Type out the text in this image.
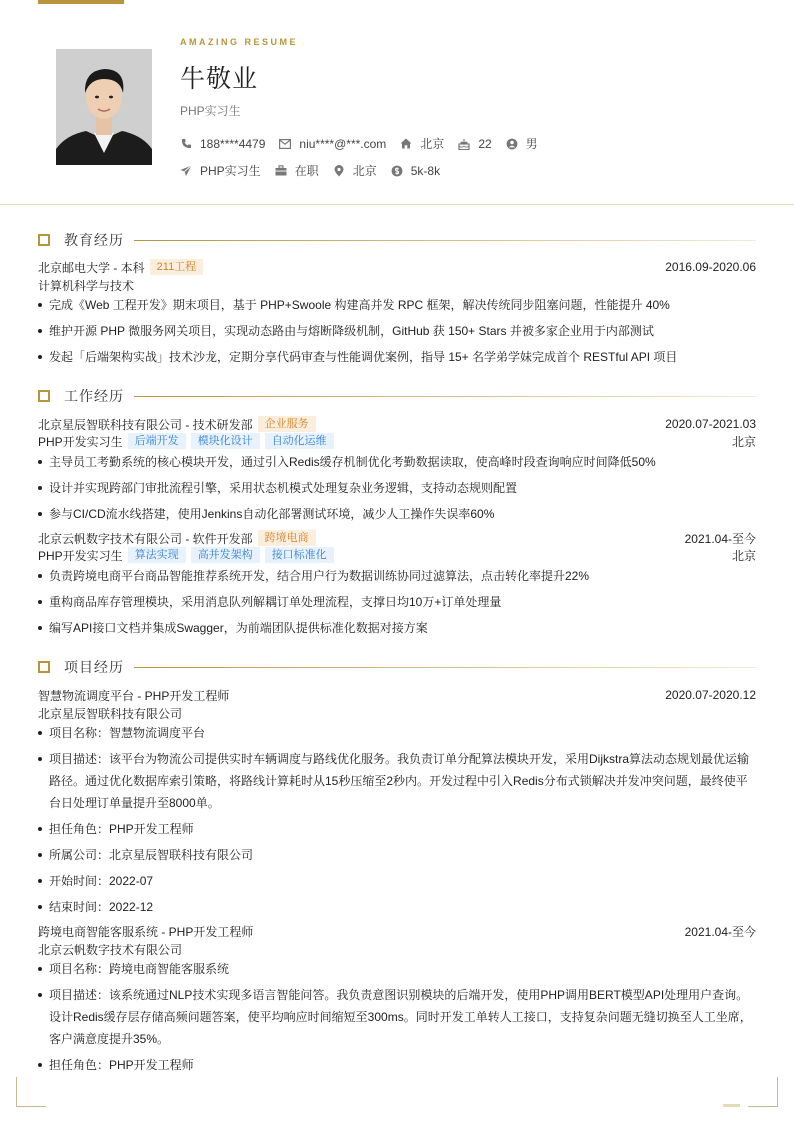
AMAZING RESUME
牛敬业
PHP实习生
188****4479	niu****@***.com	北京	22	男
PHP实习生	在职	北京	5k-8k
教育经历
北京邮电大学 - 本科	211工程	2016.09-2020.06
计算机科学与技术
完成《Web 工程开发》期末项目，基于 PHP+Swoole 构建高并发 RPC 框架，解决传统同步阻塞问题，性能提升 40%
维护开源 PHP 微服务网关项目，实现动态路由与熔断降级机制，GitHub 获 150+ Stars 并被多家企业用于内部测试
发起「后端架构实战」技术沙龙，定期分享代码审查与性能调优案例，指导 15+ 名学弟学妹完成首个 RESTful API 项目
工作经历
北京星辰智联科技有限公司 - 技术研发部	企业服务	2020.07-2021.03
PHP开发实习生	后端开发	模块化设计	自动化运维	北京
主导员工考勤系统的核心模块开发，通过引入Redis缓存机制优化考勤数据读取，使高峰时段查询响应时间降低50%
设计并实现跨部门审批流程引擎，采用状态机模式处理复杂业务逻辑，支持动态规则配置
参与CI/CD流水线搭建，使用Jenkins自动化部署测试环境，减少人工操作失误率60%
北京云帆数字技术有限公司 - 软件开发部	跨境电商	2021.04-至今
PHP开发实习生	算法实现	高并发架构	接口标准化	北京
负责跨境电商平台商品智能推荐系统开发，结合用户行为数据训练协同过滤算法，点击转化率提升22%
重构商品库存管理模块，采用消息队列解耦订单处理流程，支撑日均10万+订单处理量
编写API接口文档并集成Swagger，为前端团队提供标准化数据对接方案
项目经历
智慧物流调度平台 - PHP开发工程师	2020.07-2020.12
北京星辰智联科技有限公司
项目名称：智慧物流调度平台
项目描述：该平台为物流公司提供实时车辆调度与路线优化服务。我负责订单分配算法模块开发，采用Dijkstra算法动态规划最优运输路径。通过优化数据库索引策略，将路线计算耗时从15秒压缩至2秒内。开发过程中引入Redis分布式锁解决并发冲突问题，最终使平台日处理订单量提升至8000单。
担任角色：PHP开发工程师
所属公司：北京星辰智联科技有限公司
开始时间：2022-07
结束时间：2022-12
跨境电商智能客服系统 - PHP开发工程师	2021.04-至今
北京云帆数字技术有限公司
项目名称：跨境电商智能客服系统
项目描述：该系统通过NLP技术实现多语言智能问答。我负责意图识别模块的后端开发，使用PHP调用BERT模型API处理用户查询。设计Redis缓存层存储高频问题答案，使平均响应时间缩短至300ms。同时开发工单转人工接口，支持复杂问题无缝切换至人工坐席，客户满意度提升35%。
担任角色：PHP开发工程师
